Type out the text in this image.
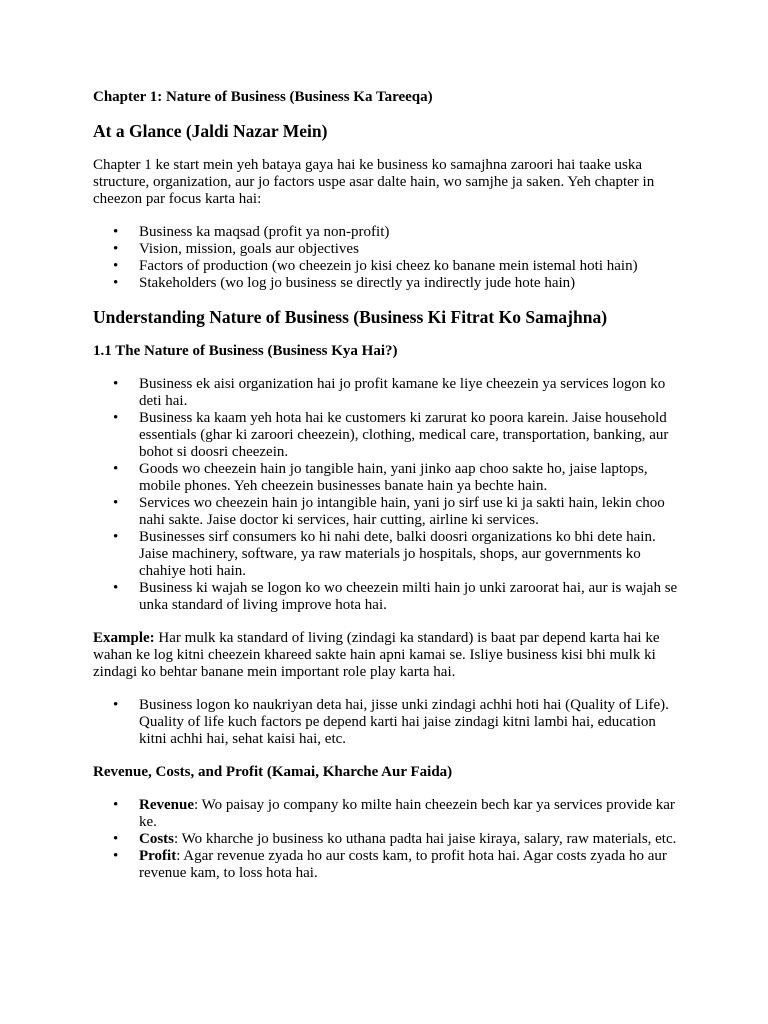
Chapter 1: Nature of Business (Business Ka Tareeqa)

At a Glance (Jaldi Nazar Mein)

Chapter 1 ke start mein yeh bataya gaya hai ke business ko samajhna zaroori hai taake uska structure, organization, aur jo factors uspe asar dalte hain, wo samjhe ja saken. Yeh chapter in cheezon par focus karta hai:

• Business ka maqsad (profit ya non-profit)
• Vision, mission, goals aur objectives
• Factors of production (wo cheezein jo kisi cheez ko banane mein istemal hoti hain)
• Stakeholders (wo log jo business se directly ya indirectly jude hote hain)

Understanding Nature of Business (Business Ki Fitrat Ko Samajhna)

1.1 The Nature of Business (Business Kya Hai?)

• Business ek aisi organization hai jo profit kamane ke liye cheezein ya services logon ko deti hai.
• Business ka kaam yeh hota hai ke customers ki zarurat ko poora karein. Jaise household essentials (ghar ki zaroori cheezein), clothing, medical care, transportation, banking, aur bohot si doosri cheezein.
• Goods wo cheezein hain jo tangible hain, yani jinko aap choo sakte ho, jaise laptops, mobile phones. Yeh cheezein businesses banate hain ya bechte hain.
• Services wo cheezein hain jo intangible hain, yani jo sirf use ki ja sakti hain, lekin choo nahi sakte. Jaise doctor ki services, hair cutting, airline ki services.
• Businesses sirf consumers ko hi nahi dete, balki doosri organizations ko bhi dete hain. Jaise machinery, software, ya raw materials jo hospitals, shops, aur governments ko chahiye hoti hain.
• Business ki wajah se logon ko wo cheezein milti hain jo unki zaroorat hai, aur is wajah se unka standard of living improve hota hai.

Example: Har mulk ka standard of living (zindagi ka standard) is baat par depend karta hai ke wahan ke log kitni cheezein khareed sakte hain apni kamai se. Isliye business kisi bhi mulk ki zindagi ko behtar banane mein important role play karta hai.

• Business logon ko naukriyan deta hai, jisse unki zindagi achhi hoti hai (Quality of Life). Quality of life kuch factors pe depend karti hai jaise zindagi kitni lambi hai, education kitni achhi hai, sehat kaisi hai, etc.

Revenue, Costs, and Profit (Kamai, Kharche Aur Faida)

• Revenue: Wo paisay jo company ko milte hain cheezein bech kar ya services provide kar ke.
• Costs: Wo kharche jo business ko uthana padta hai jaise kiraya, salary, raw materials, etc.
• Profit: Agar revenue zyada ho aur costs kam, to profit hota hai. Agar costs zyada ho aur revenue kam, to loss hota hai.
